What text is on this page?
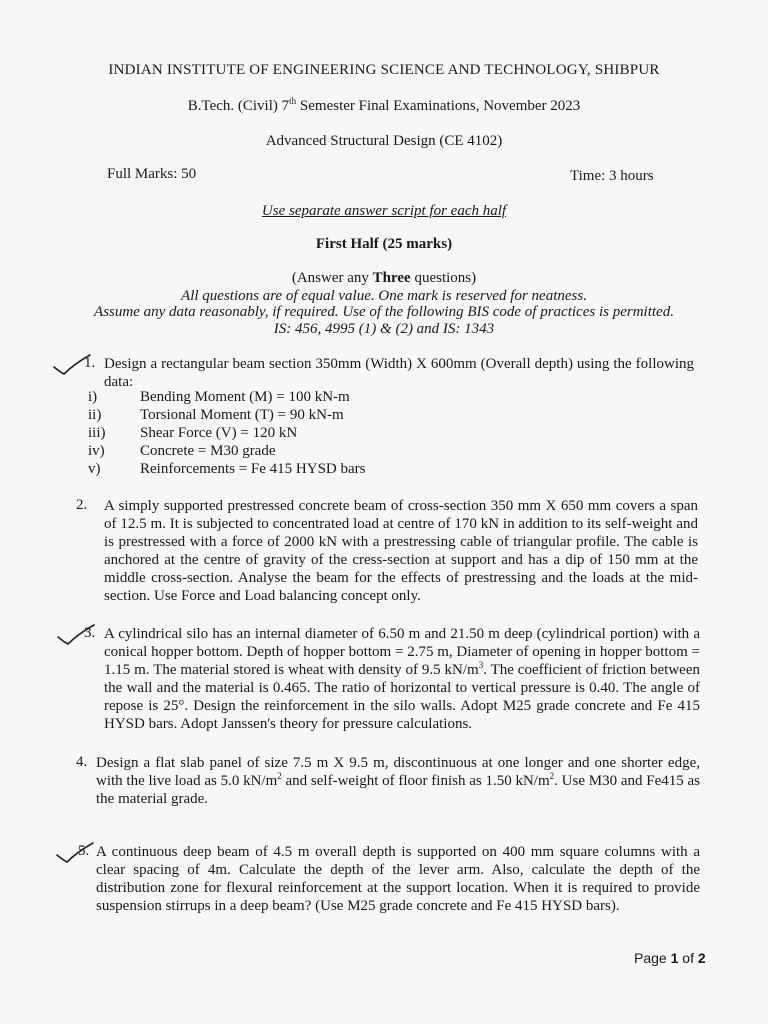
INDIAN INSTITUTE OF ENGINEERING SCIENCE AND TECHNOLOGY, SHIBPUR
B.Tech. (Civil) 7th Semester Final Examinations, November 2023
Advanced Structural Design (CE 4102)
Full Marks: 50	Time: 3 hours
Use separate answer script for each half
First Half (25 marks)
(Answer any Three questions)
All questions are of equal value. One mark is reserved for neatness.
Assume any data reasonably, if required. Use of the following BIS code of practices is permitted.
IS: 456, 4995 (1) & (2) and IS: 1343
1. Design a rectangular beam section 350mm (Width) X 600mm (Overall depth) using the following data:
i)	Bending Moment (M) = 100 kN-m
ii)	Torsional Moment (T) = 90 kN-m
iii) Shear Force (V) = 120 kN
iv) Concrete = M30 grade
v)	Reinforcements = Fe 415 HYSD bars
2. A simply supported prestressed concrete beam of cross-section 350 mm X 650 mm covers a span of 12.5 m. It is subjected to concentrated load at centre of 170 kN in addition to its self-weight and is prestressed with a force of 2000 kN with a prestressing cable of triangular profile. The cable is anchored at the centre of gravity of the cress-section at support and has a dip of 150 mm at the middle cross-section. Analyse the beam for the effects of prestressing and the loads at the mid-section. Use Force and Load balancing concept only.
3. A cylindrical silo has an internal diameter of 6.50 m and 21.50 m deep (cylindrical portion) with a conical hopper bottom. Depth of hopper bottom = 2.75 m, Diameter of opening in hopper bottom = 1.15 m. The material stored is wheat with density of 9.5 $kN/m^3$. The coefficient of friction between the wall and the material is 0.465. The ratio of horizontal to vertical pressure is 0.40. The angle of repose is 25°. Design the reinforcement in the silo walls. Adopt M25 grade concrete and Fe 415 HYSD bars. Adopt Janssen's theory for pressure calculations.
4. Design a flat slab panel of size 7.5 m X 9.5 m, discontinuous at one longer and one shorter edge, with the live load as 5.0 $kN/m^2$ and self-weight of floor finish as 1.50 $kN/m^2$. Use M30 and Fe415 as the material grade.
5. A continuous deep beam of 4.5 m overall depth is supported on 400 mm square columns with a clear spacing of 4m. Calculate the depth of the lever arm. Also, calculate the depth of the distribution zone for flexural reinforcement at the support location. When it is required to provide suspension stirrups in a deep beam? (Use M25 grade concrete and Fe 415 HYSD bars).
Page 1 of 2
